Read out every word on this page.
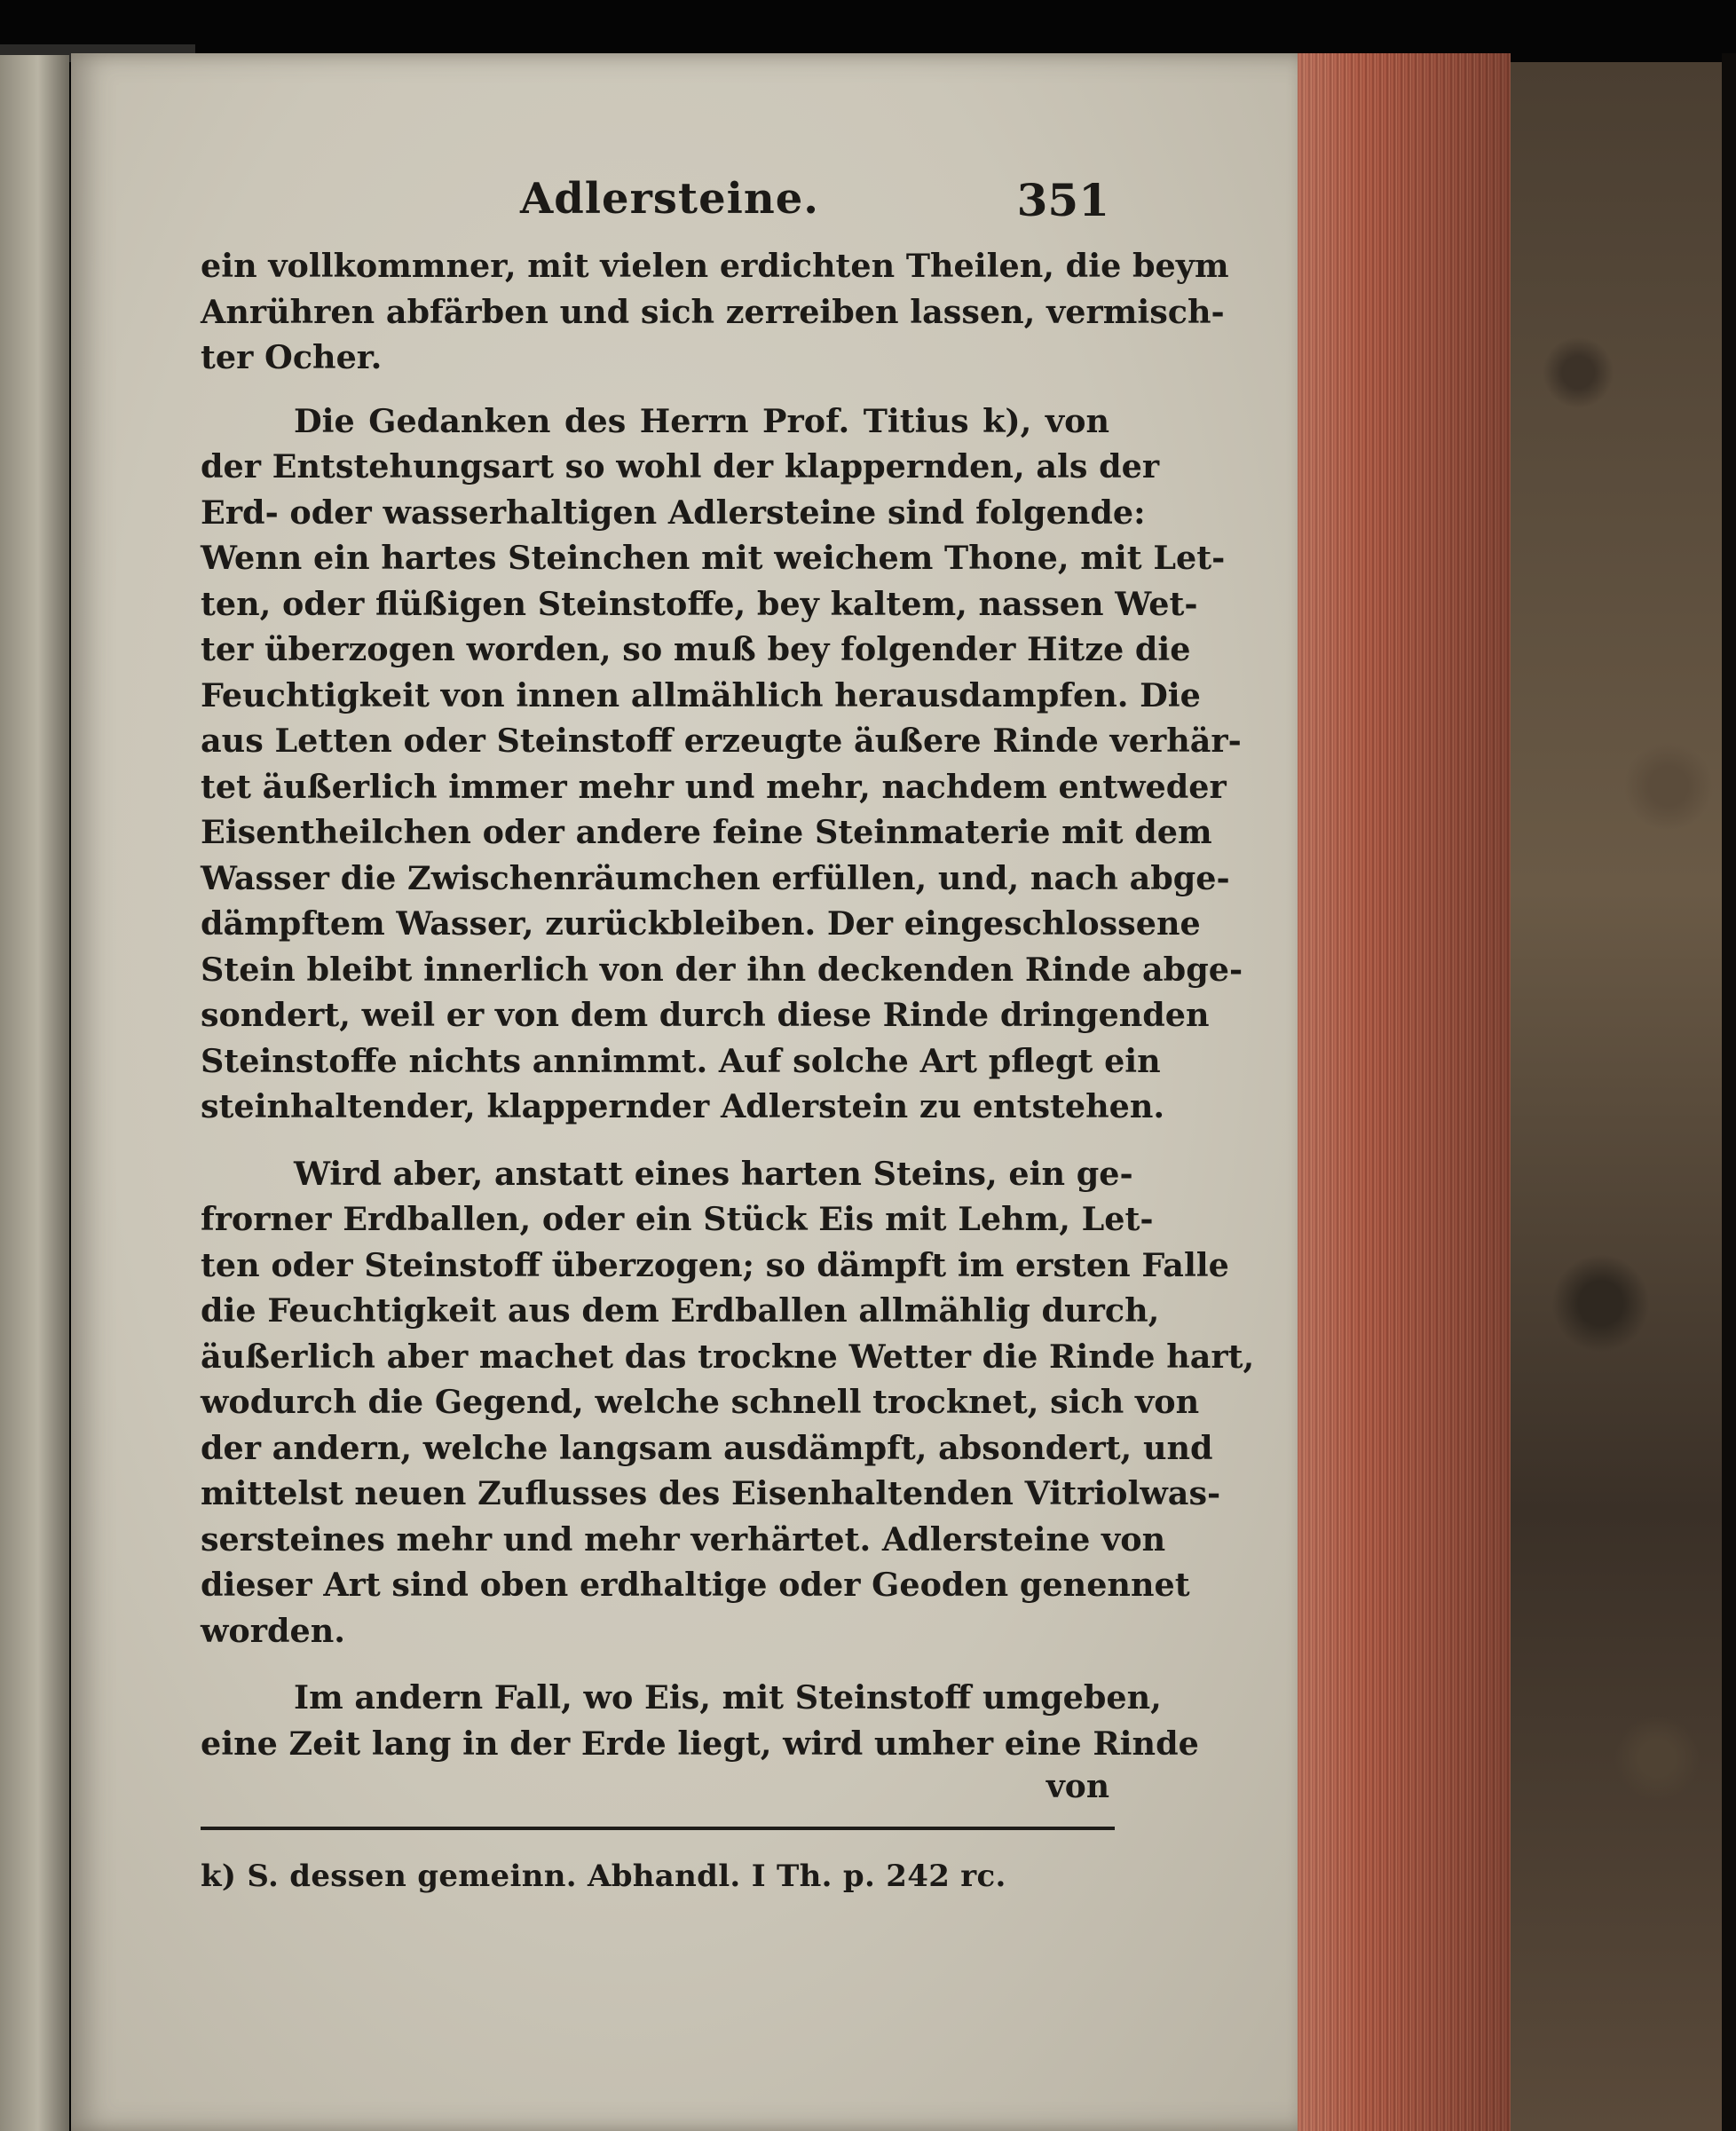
Adlersteine.	351

ein vollkommner, mit vielen erdichten Theilen, die beym
Anrühren abfärben und sich zerreiben lassen, vermisch-
ter Ocher.

Die Gedanken des Herrn Prof. Titius k), von
der Entstehungsart so wohl der klappernden, als der
Erd- oder wasserhaltigen Adlersteine sind folgende:
Wenn ein hartes Steinchen mit weichem Thone, mit Let-
ten, oder flüßigen Steinstoffe, bey kaltem, nassen Wet-
ter überzogen worden, so muß bey folgender Hitze die
Feuchtigkeit von innen allmählich herausdampfen. Die
aus Letten oder Steinstoff erzeugte äußere Rinde verhär-
tet äußerlich immer mehr und mehr, nachdem entweder
Eisentheilchen oder andere feine Steinmaterie mit dem
Wasser die Zwischenräumchen erfüllen, und, nach abge-
dämpftem Wasser, zurückbleiben. Der eingeschlossene
Stein bleibt innerlich von der ihn deckenden Rinde abge-
sondert, weil er von dem durch diese Rinde dringenden
Steinstoffe nichts annimmt. Auf solche Art pflegt ein
steinhaltender, klappernder Adlerstein zu entstehen.

Wird aber, anstatt eines harten Steins, ein ge-
frorner Erdballen, oder ein Stück Eis mit Lehm, Let-
ten oder Steinstoff überzogen; so dämpft im ersten Falle
die Feuchtigkeit aus dem Erdballen allmählig durch,
äußerlich aber machet das trockne Wetter die Rinde hart,
wodurch die Gegend, welche schnell trocknet, sich von
der andern, welche langsam ausdämpft, absondert, und
mittelst neuen Zuflusses des Eisenhaltenden Vitriolwas-
sersteines mehr und mehr verhärtet. Adlersteine von
dieser Art sind oben erdhaltige oder Geoden genennet
worden.

Im andern Fall, wo Eis, mit Steinstoff umgeben,
eine Zeit lang in der Erde liegt, wird umher eine Rinde

von
k) S. dessen gemeinn. Abhandl. I Th. p. 242 rc.
